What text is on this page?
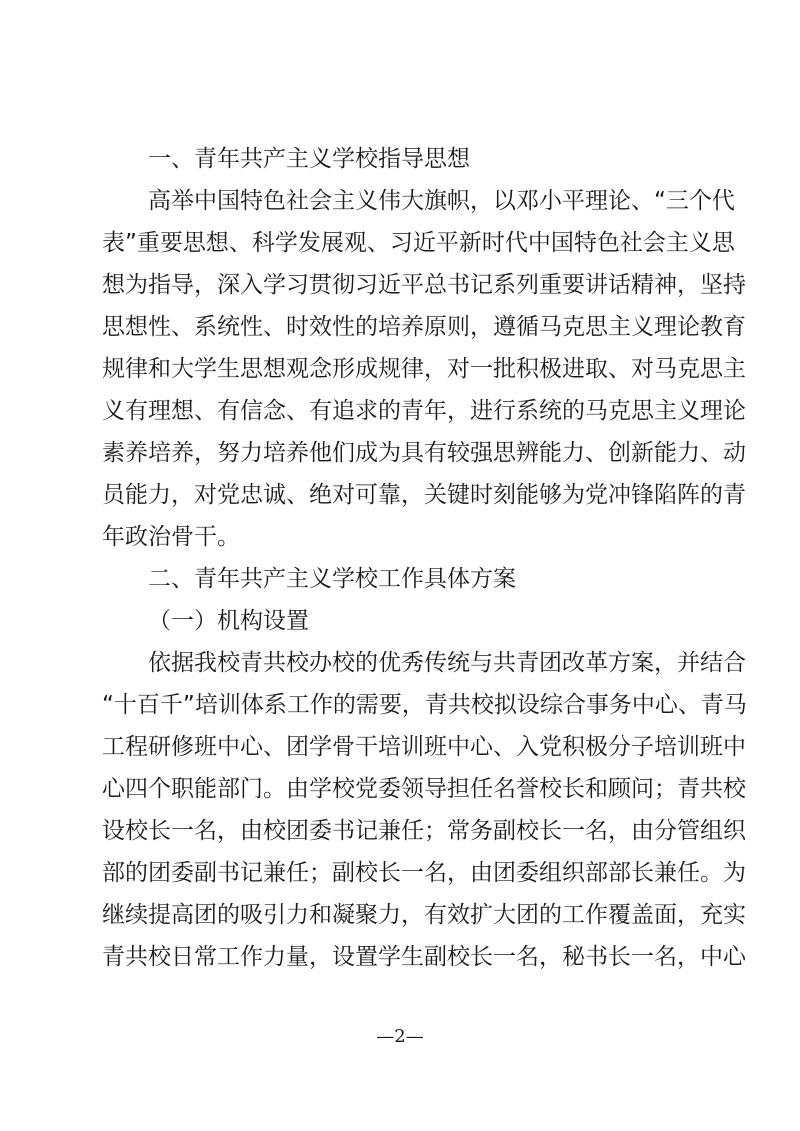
一、青年共产主义学校指导思想
高举中国特色社会主义伟大旗帜，以邓小平理论、“三个代
表”重要思想、科学发展观、习近平新时代中国特色社会主义思
想为指导，深入学习贯彻习近平总书记系列重要讲话精神，坚持
思想性、系统性、时效性的培养原则，遵循马克思主义理论教育
规律和大学生思想观念形成规律，对一批积极进取、对马克思主
义有理想、有信念、有追求的青年，进行系统的马克思主义理论
素养培养，努力培养他们成为具有较强思辨能力、创新能力、动
员能力，对党忠诚、绝对可靠，关键时刻能够为党冲锋陷阵的青
年政治骨干。
二、青年共产主义学校工作具体方案
（一）机构设置
依据我校青共校办校的优秀传统与共青团改革方案，并结合
“十百千”培训体系工作的需要，青共校拟设综合事务中心、青马
工程研修班中心、团学骨干培训班中心、入党积极分子培训班中
心四个职能部门。由学校党委领导担任名誉校长和顾问；青共校
设校长一名，由校团委书记兼任；常务副校长一名，由分管组织
部的团委副书记兼任；副校长一名，由团委组织部部长兼任。为
继续提高团的吸引力和凝聚力，有效扩大团的工作覆盖面，充实
青共校日常工作力量，设置学生副校长一名，秘书长一名，中心
—2—
